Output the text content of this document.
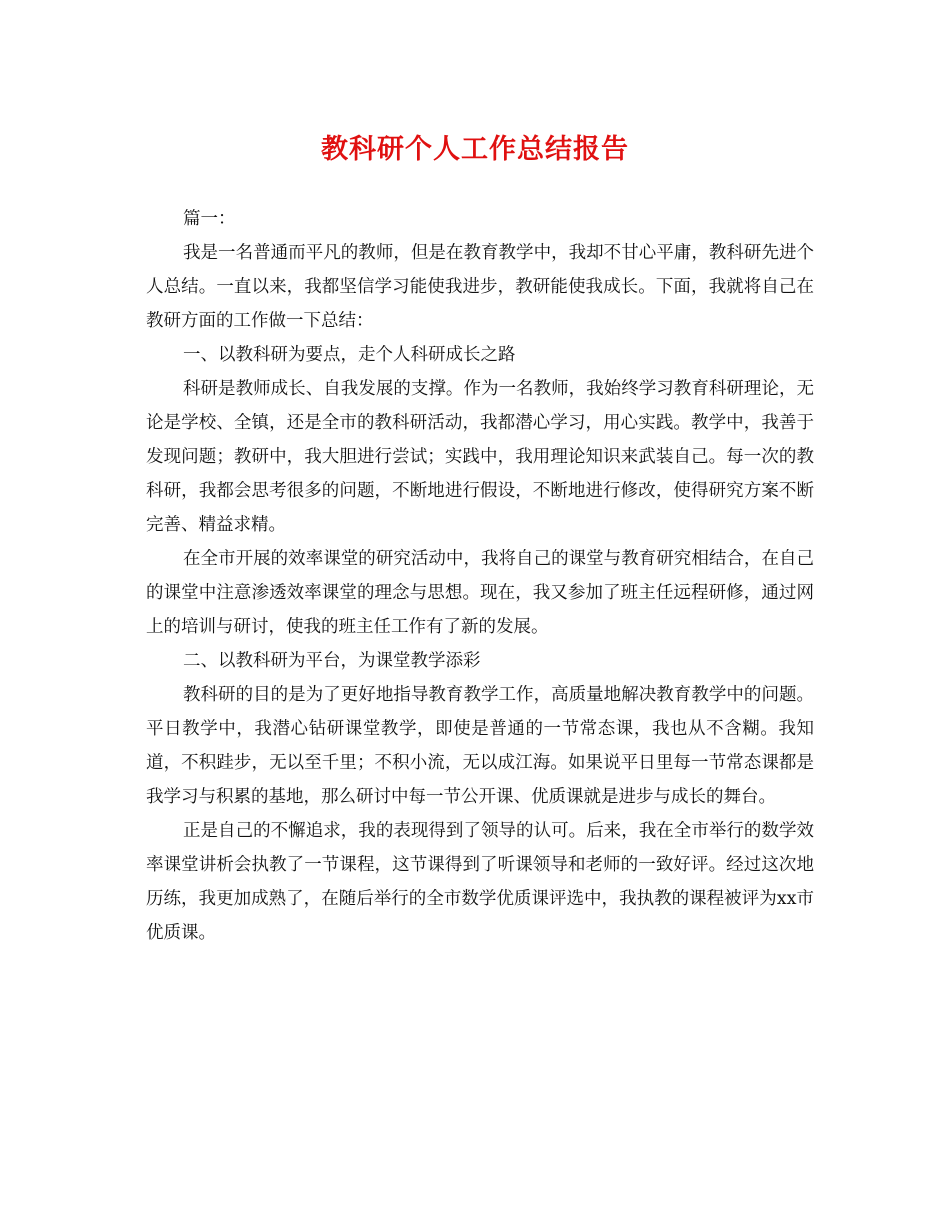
教科研个人工作总结报告

篇一：

我是一名普通而平凡的教师，但是在教育教学中，我却不甘心平庸，教科研先进个人总结。一直以来，我都坚信学习能使我进步，教研能使我成长。下面，我就将自己在教研方面的工作做一下总结：

一、以教科研为要点，走个人科研成长之路

科研是教师成长、自我发展的支撑。作为一名教师，我始终学习教育科研理论，无论是学校、全镇，还是全市的教科研活动，我都潜心学习，用心实践。教学中，我善于发现问题；教研中，我大胆进行尝试；实践中，我用理论知识来武装自己。每一次的教科研，我都会思考很多的问题，不断地进行假设，不断地进行修改，使得研究方案不断完善、精益求精。

在全市开展的效率课堂的研究活动中，我将自己的课堂与教育研究相结合，在自己的课堂中注意渗透效率课堂的理念与思想。现在，我又参加了班主任远程研修，通过网上的培训与研讨，使我的班主任工作有了新的发展。

二、以教科研为平台，为课堂教学添彩

教科研的目的是为了更好地指导教育教学工作，高质量地解决教育教学中的问题。平日教学中，我潜心钻研课堂教学，即使是普通的一节常态课，我也从不含糊。我知道，不积跬步，无以至千里；不积小流，无以成江海。如果说平日里每一节常态课都是我学习与积累的基地，那么研讨中每一节公开课、优质课就是进步与成长的舞台。

正是自己的不懈追求，我的表现得到了领导的认可。后来，我在全市举行的数学效率课堂讲析会执教了一节课程，这节课得到了听课领导和老师的一致好评。经过这次地历练，我更加成熟了，在随后举行的全市数学优质课评选中，我执教的课程被评为xx市优质课。
